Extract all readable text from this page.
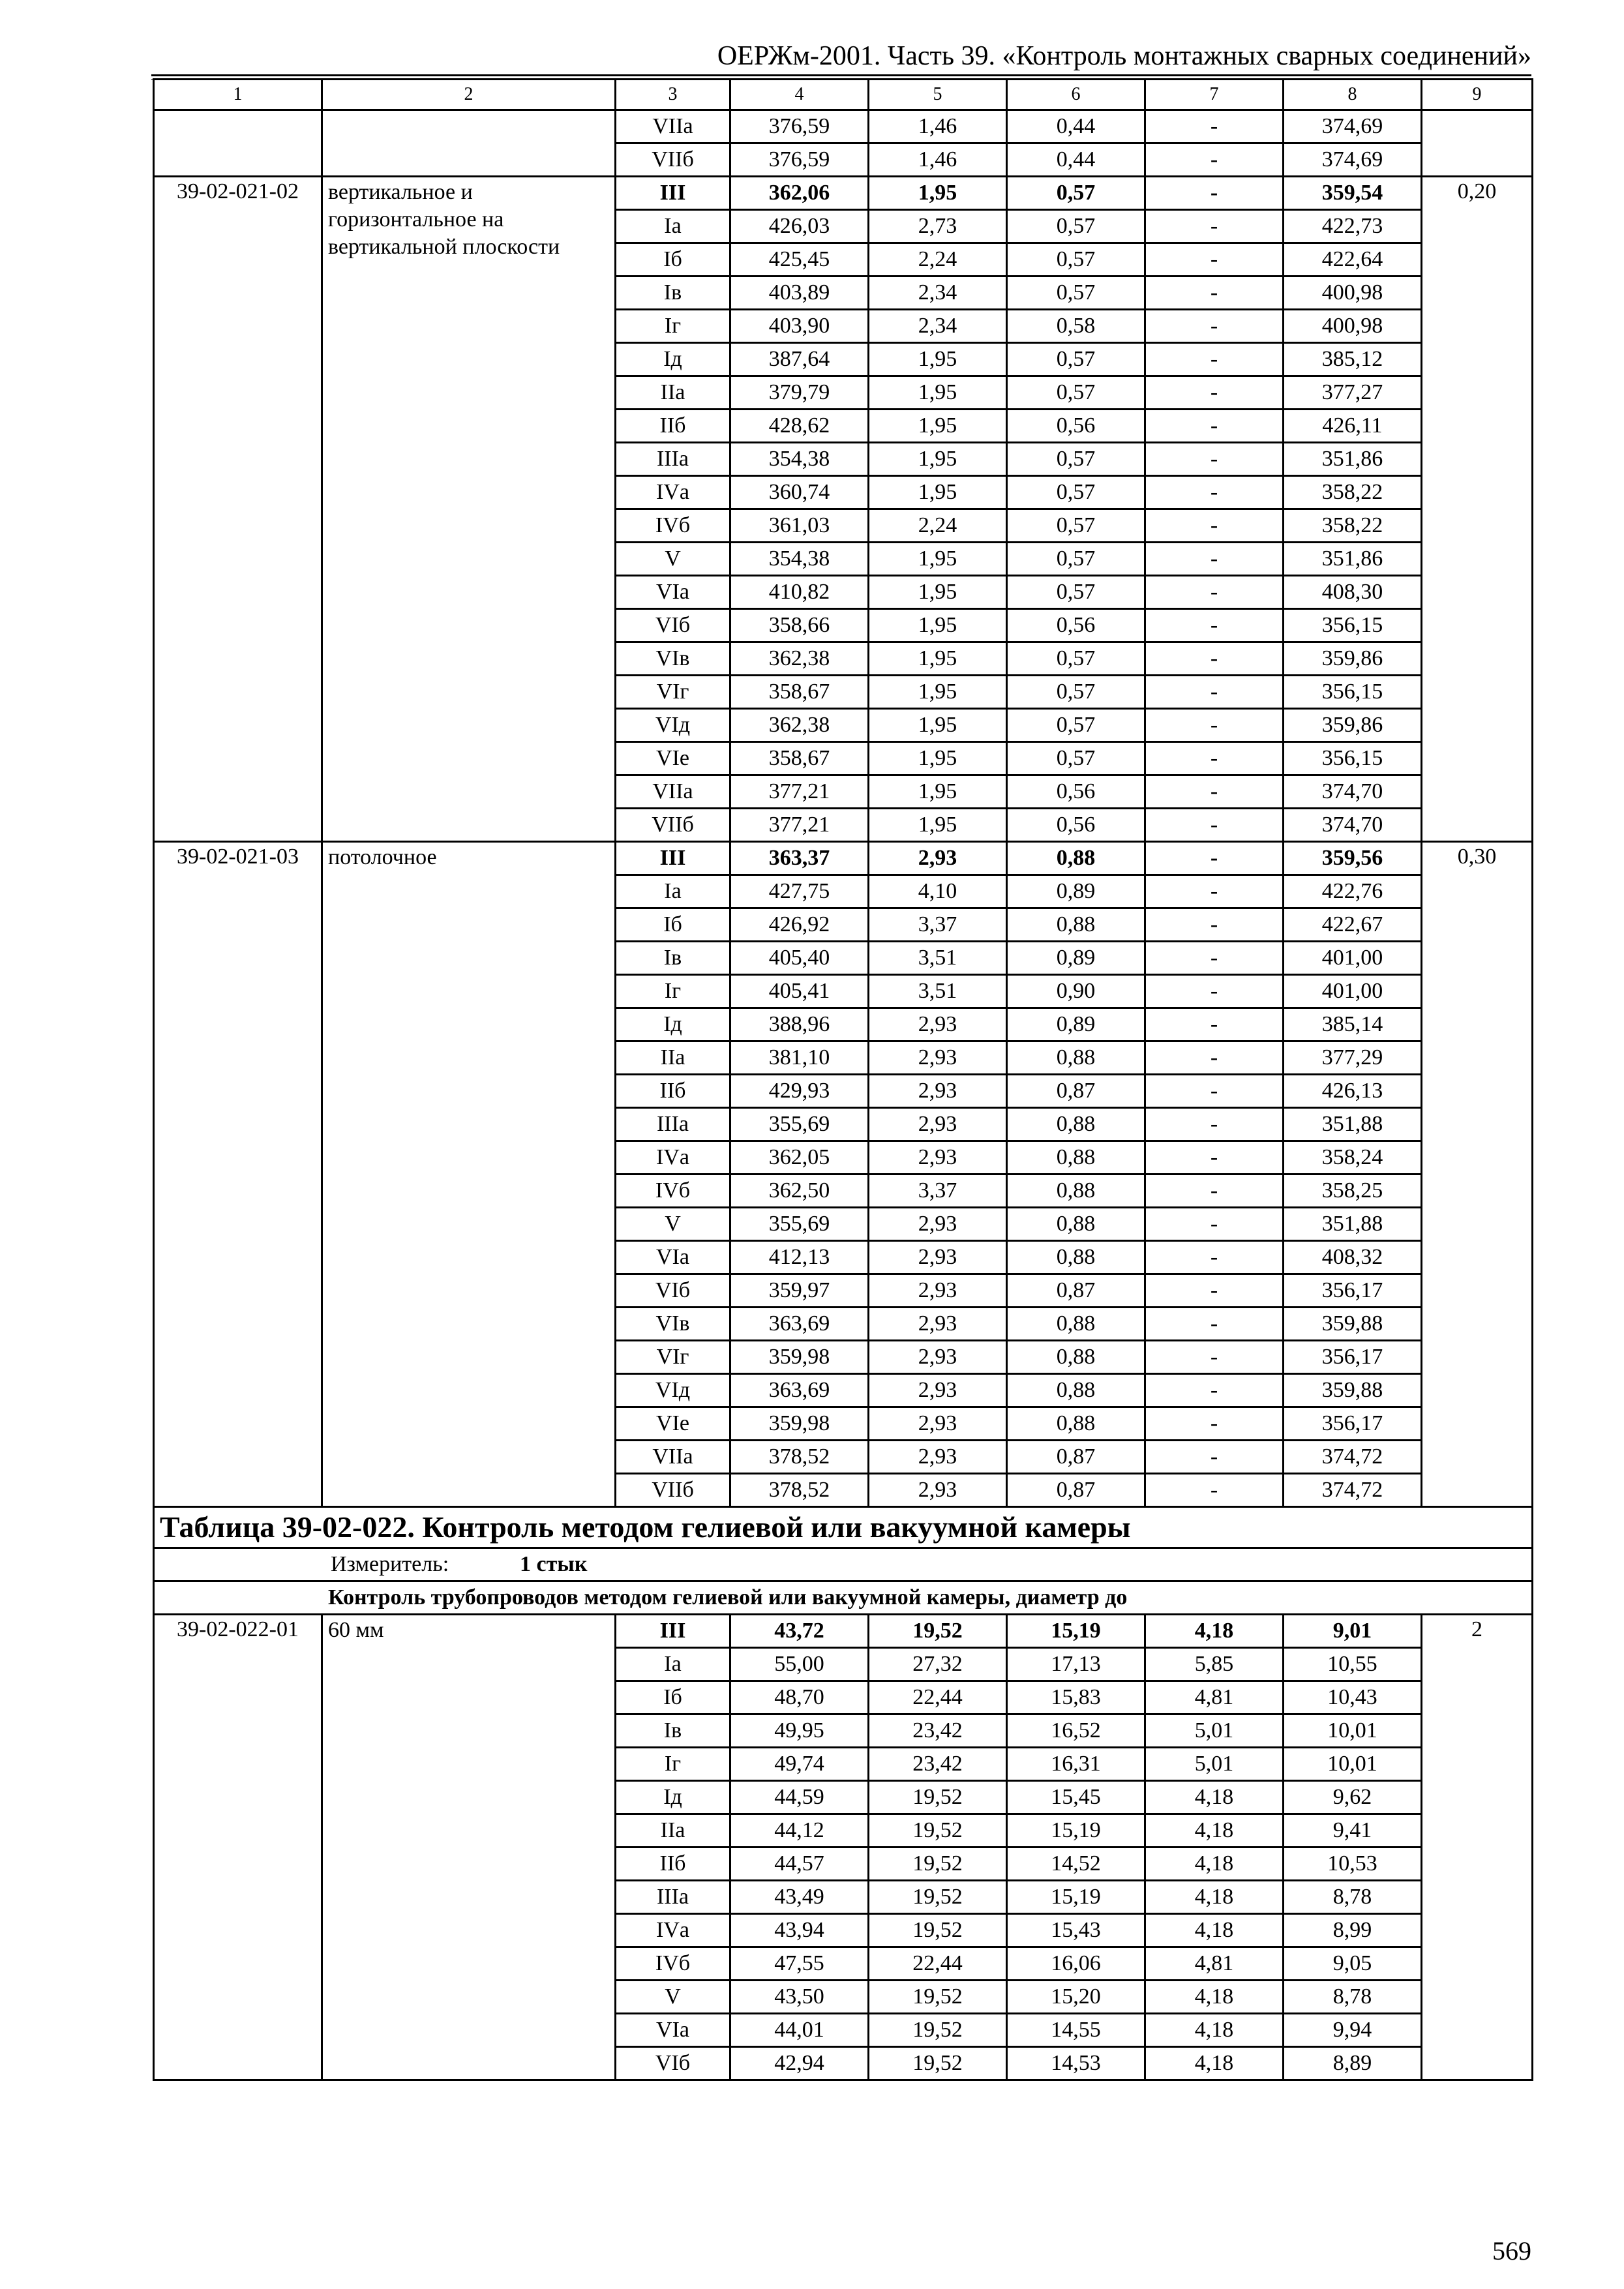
ОЕРЖм-2001. Часть 39. «Контроль монтажных сварных соединений»
1	2	3	4	5	6	7	8	9
		VIIа	376,59	1,46	0,44	-	374,69	
		VIIб	376,59	1,46	0,44	-	374,69	
39-02-021-02	вертикальное и горизонтальное на вертикальной плоскости	III	362,06	1,95	0,57	-	359,54	0,20
		Iа	426,03	2,73	0,57	-	422,73	
		Iб	425,45	2,24	0,57	-	422,64	
		Iв	403,89	2,34	0,57	-	400,98	
		Iг	403,90	2,34	0,58	-	400,98	
		Iд	387,64	1,95	0,57	-	385,12	
		IIа	379,79	1,95	0,57	-	377,27	
		IIб	428,62	1,95	0,56	-	426,11	
		IIIа	354,38	1,95	0,57	-	351,86	
		IVа	360,74	1,95	0,57	-	358,22	
		IVб	361,03	2,24	0,57	-	358,22	
		V	354,38	1,95	0,57	-	351,86	
		VIа	410,82	1,95	0,57	-	408,30	
		VIб	358,66	1,95	0,56	-	356,15	
		VIв	362,38	1,95	0,57	-	359,86	
		VIг	358,67	1,95	0,57	-	356,15	
		VIд	362,38	1,95	0,57	-	359,86	
		VIе	358,67	1,95	0,57	-	356,15	
		VIIа	377,21	1,95	0,56	-	374,70	
		VIIб	377,21	1,95	0,56	-	374,70	
39-02-021-03	потолочное	III	363,37	2,93	0,88	-	359,56	0,30
		Iа	427,75	4,10	0,89	-	422,76	
		Iб	426,92	3,37	0,88	-	422,67	
		Iв	405,40	3,51	0,89	-	401,00	
		Iг	405,41	3,51	0,90	-	401,00	
		Iд	388,96	2,93	0,89	-	385,14	
		IIа	381,10	2,93	0,88	-	377,29	
		IIб	429,93	2,93	0,87	-	426,13	
		IIIа	355,69	2,93	0,88	-	351,88	
		IVа	362,05	2,93	0,88	-	358,24	
		IVб	362,50	3,37	0,88	-	358,25	
		V	355,69	2,93	0,88	-	351,88	
		VIа	412,13	2,93	0,88	-	408,32	
		VIб	359,97	2,93	0,87	-	356,17	
		VIв	363,69	2,93	0,88	-	359,88	
		VIг	359,98	2,93	0,88	-	356,17	
		VIд	363,69	2,93	0,88	-	359,88	
		VIе	359,98	2,93	0,88	-	356,17	
		VIIа	378,52	2,93	0,87	-	374,72	
		VIIб	378,52	2,93	0,87	-	374,72	
Таблица 39-02-022. Контроль методом гелиевой или вакуумной камеры								
Измеритель: 1 стык								
Контроль трубопроводов методом гелиевой или вакуумной камеры, диаметр до								
39-02-022-01	60 мм	III	43,72	19,52	15,19	4,18	9,01	2
		Iа	55,00	27,32	17,13	5,85	10,55	
		Iб	48,70	22,44	15,83	4,81	10,43	
		Iв	49,95	23,42	16,52	5,01	10,01	
		Iг	49,74	23,42	16,31	5,01	10,01	
		Iд	44,59	19,52	15,45	4,18	9,62	
		IIа	44,12	19,52	15,19	4,18	9,41	
		IIб	44,57	19,52	14,52	4,18	10,53	
		IIIа	43,49	19,52	15,19	4,18	8,78	
		IVа	43,94	19,52	15,43	4,18	8,99	
		IVб	47,55	22,44	16,06	4,81	9,05	
		V	43,50	19,52	15,20	4,18	8,78	
		VIа	44,01	19,52	14,55	4,18	9,94	
		VIб	42,94	19,52	14,53	4,18	8,89	
569
